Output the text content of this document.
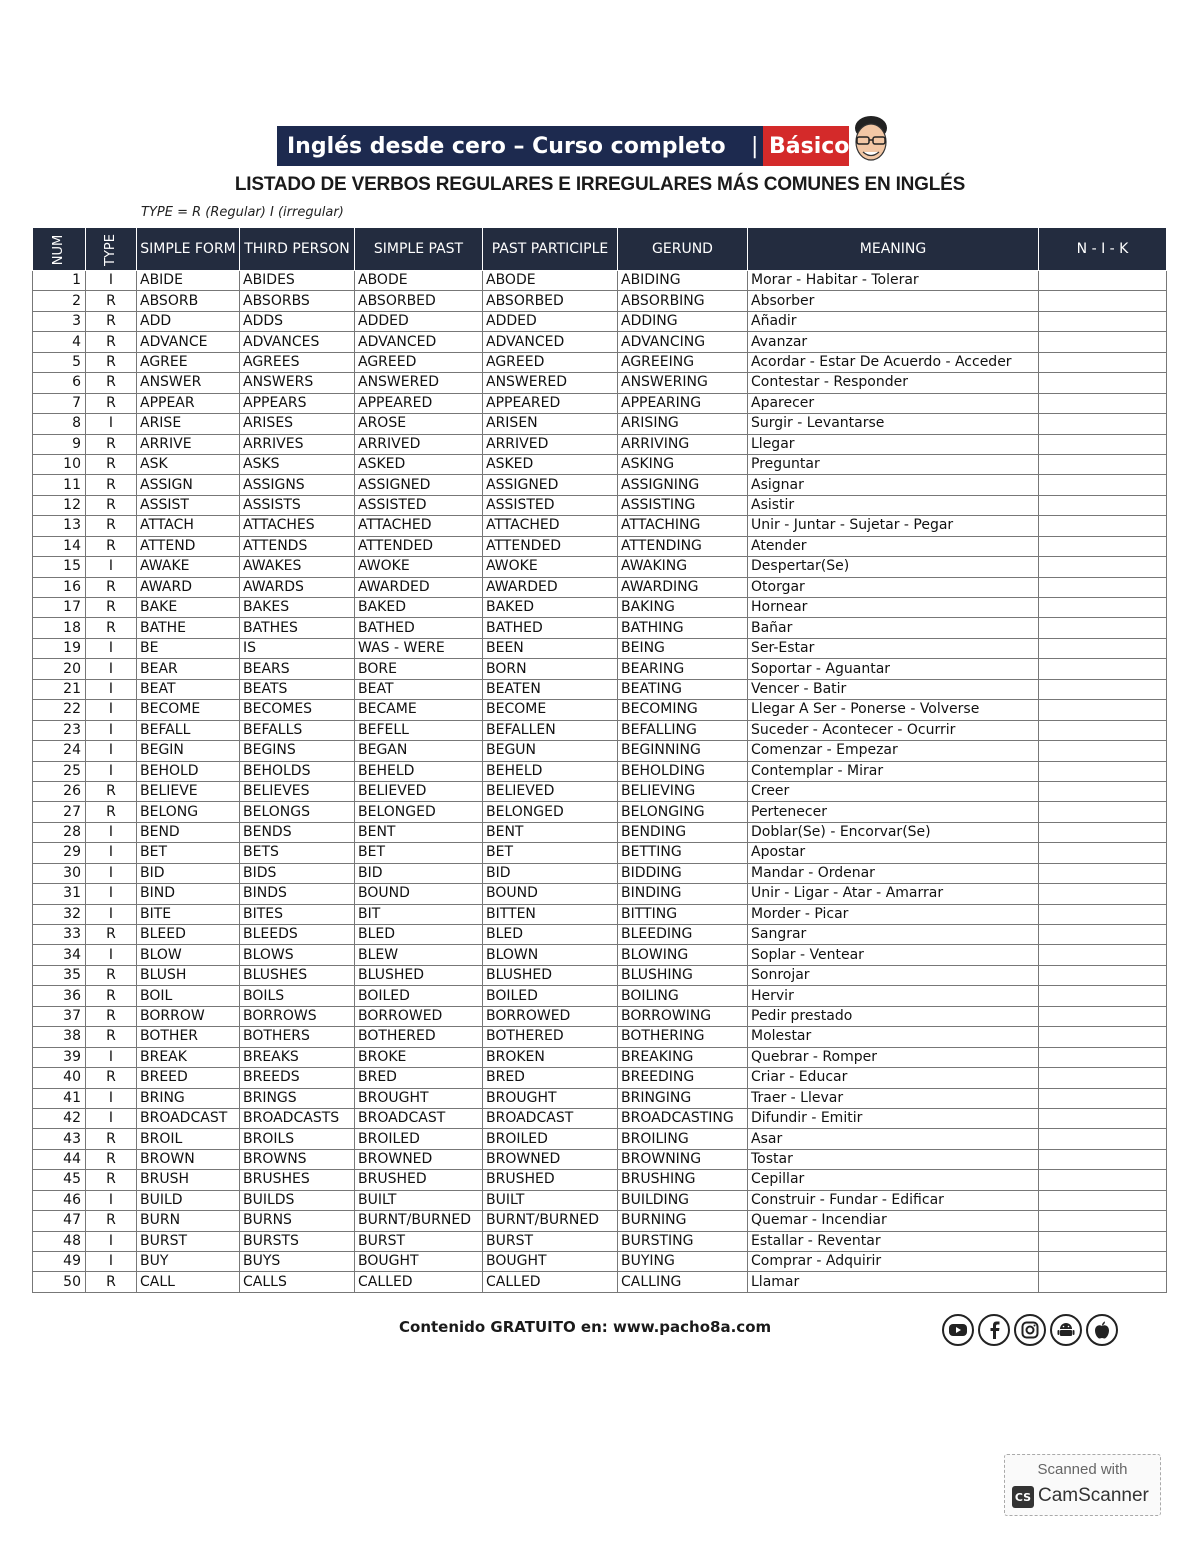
Inglés desde cero – Curso completo	| Básico
LISTADO DE VERBOS REGULARES E IRREGULARES MÁS COMUNES EN INGLÉS
TYPE = R (Regular) I (irregular)
NUM	TYPE	SIMPLE FORM	THIRD PERSON	SIMPLE PAST	PAST PARTICIPLE	GERUND	MEANING	N - I - K
1	I	ABIDE	ABIDES	ABODE	ABODE	ABIDING	Morar - Habitar - Tolerar	
2	R	ABSORB	ABSORBS	ABSORBED	ABSORBED	ABSORBING	Absorber	
3	R	ADD	ADDS	ADDED	ADDED	ADDING	Añadir	
4	R	ADVANCE	ADVANCES	ADVANCED	ADVANCED	ADVANCING	Avanzar	
5	R	AGREE	AGREES	AGREED	AGREED	AGREEING	Acordar - Estar De Acuerdo - Acceder	
6	R	ANSWER	ANSWERS	ANSWERED	ANSWERED	ANSWERING	Contestar - Responder	
7	R	APPEAR	APPEARS	APPEARED	APPEARED	APPEARING	Aparecer	
8	I	ARISE	ARISES	AROSE	ARISEN	ARISING	Surgir - Levantarse	
9	R	ARRIVE	ARRIVES	ARRIVED	ARRIVED	ARRIVING	Llegar	
10	R	ASK	ASKS	ASKED	ASKED	ASKING	Preguntar	
11	R	ASSIGN	ASSIGNS	ASSIGNED	ASSIGNED	ASSIGNING	Asignar	
12	R	ASSIST	ASSISTS	ASSISTED	ASSISTED	ASSISTING	Asistir	
13	R	ATTACH	ATTACHES	ATTACHED	ATTACHED	ATTACHING	Unir - Juntar - Sujetar - Pegar	
14	R	ATTEND	ATTENDS	ATTENDED	ATTENDED	ATTENDING	Atender	
15	I	AWAKE	AWAKES	AWOKE	AWOKE	AWAKING	Despertar(Se)	
16	R	AWARD	AWARDS	AWARDED	AWARDED	AWARDING	Otorgar	
17	R	BAKE	BAKES	BAKED	BAKED	BAKING	Hornear	
18	R	BATHE	BATHES	BATHED	BATHED	BATHING	Bañar	
19	I	BE	IS	WAS - WERE	BEEN	BEING	Ser-Estar	
20	I	BEAR	BEARS	BORE	BORN	BEARING	Soportar - Aguantar	
21	I	BEAT	BEATS	BEAT	BEATEN	BEATING	Vencer - Batir	
22	I	BECOME	BECOMES	BECAME	BECOME	BECOMING	Llegar A Ser - Ponerse - Volverse	
23	I	BEFALL	BEFALLS	BEFELL	BEFALLEN	BEFALLING	Suceder - Acontecer - Ocurrir	
24	I	BEGIN	BEGINS	BEGAN	BEGUN	BEGINNING	Comenzar - Empezar	
25	I	BEHOLD	BEHOLDS	BEHELD	BEHELD	BEHOLDING	Contemplar - Mirar	
26	R	BELIEVE	BELIEVES	BELIEVED	BELIEVED	BELIEVING	Creer	
27	R	BELONG	BELONGS	BELONGED	BELONGED	BELONGING	Pertenecer	
28	I	BEND	BENDS	BENT	BENT	BENDING	Doblar(Se) - Encorvar(Se)	
29	I	BET	BETS	BET	BET	BETTING	Apostar	
30	I	BID	BIDS	BID	BID	BIDDING	Mandar - Ordenar	
31	I	BIND	BINDS	BOUND	BOUND	BINDING	Unir - Ligar - Atar - Amarrar	
32	I	BITE	BITES	BIT	BITTEN	BITTING	Morder - Picar	
33	R	BLEED	BLEEDS	BLED	BLED	BLEEDING	Sangrar	
34	I	BLOW	BLOWS	BLEW	BLOWN	BLOWING	Soplar - Ventear	
35	R	BLUSH	BLUSHES	BLUSHED	BLUSHED	BLUSHING	Sonrojar	
36	R	BOIL	BOILS	BOILED	BOILED	BOILING	Hervir	
37	R	BORROW	BORROWS	BORROWED	BORROWED	BORROWING	Pedir prestado	
38	R	BOTHER	BOTHERS	BOTHERED	BOTHERED	BOTHERING	Molestar	
39	I	BREAK	BREAKS	BROKE	BROKEN	BREAKING	Quebrar - Romper	
40	R	BREED	BREEDS	BRED	BRED	BREEDING	Criar - Educar	
41	I	BRING	BRINGS	BROUGHT	BROUGHT	BRINGING	Traer - Llevar	
42	I	BROADCAST	BROADCASTS	BROADCAST	BROADCAST	BROADCASTING	Difundir - Emitir	
43	R	BROIL	BROILS	BROILED	BROILED	BROILING	Asar	
44	R	BROWN	BROWNS	BROWNED	BROWNED	BROWNING	Tostar	
45	R	BRUSH	BRUSHES	BRUSHED	BRUSHED	BRUSHING	Cepillar	
46	I	BUILD	BUILDS	BUILT	BUILT	BUILDING	Construir - Fundar - Edificar	
47	R	BURN	BURNS	BURNT/BURNED	BURNT/BURNED	BURNING	Quemar - Incendiar	
48	I	BURST	BURSTS	BURST	BURST	BURSTING	Estallar - Reventar	
49	I	BUY	BUYS	BOUGHT	BOUGHT	BUYING	Comprar - Adquirir	
50	R	CALL	CALLS	CALLED	CALLED	CALLING	Llamar	
Contenido GRATUITO en: www.pacho8a.com
Scanned with
CS CamScanner
